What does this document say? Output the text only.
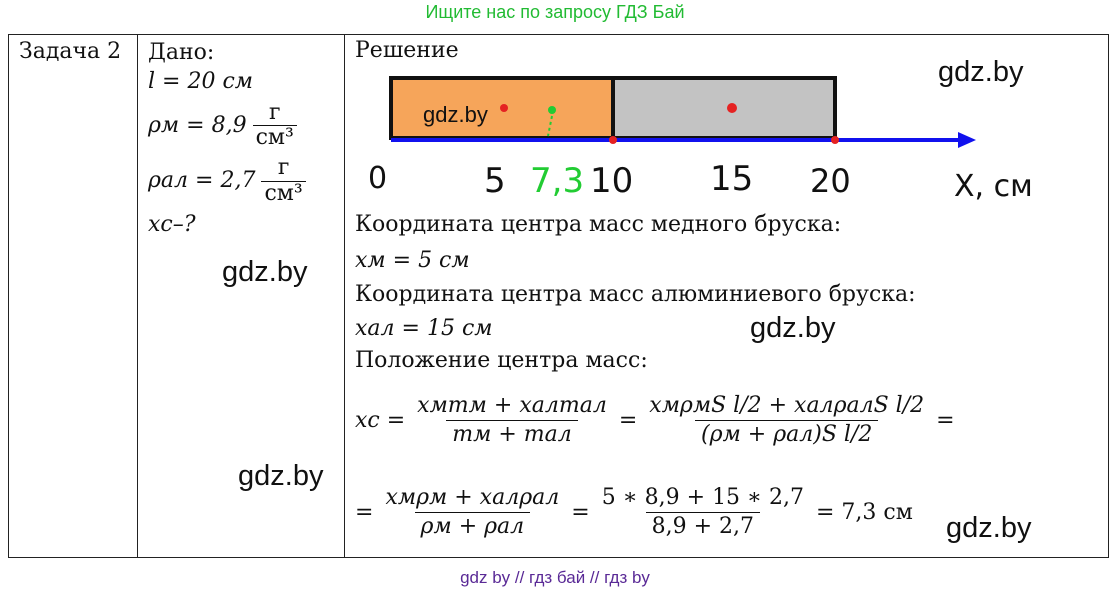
Ищите нас по запросу ГДЗ Бай
Задача 2	Дано:
l = 20 см
$\rho м = 8,9 \frac{г}{\text{см³}}$
$\rho ал = 2,7 \frac{г}{\text{см³}}$
xc–?

Решение
gdz.by
0	5 7,3 10 15 20	X, см
Координата центра масс медного бруска:
xм = 5 см
Координата центра масс алюминиевого бруска:
xал = 15 см
Положение центра масс:
xc = $\frac{\text{xмmм + xалmал}}{\text{mм + mал}} = \frac{\text{xмρмS l/2 + xалρалS l/2}}{\text{(ρм + ρал)S l/2}}$ =
= $\frac{\text{xмρм + xалρал}}{\text{ρм + ρал}} = \frac{5 ∗ 8,9 + 15 ∗ 2,7}{8,9 + 2,7} = 7,3$ см
gdz.by
gdz.by
gdz.by
gdz.by
gdz.by
gdz by // гдз бай // гдз by
